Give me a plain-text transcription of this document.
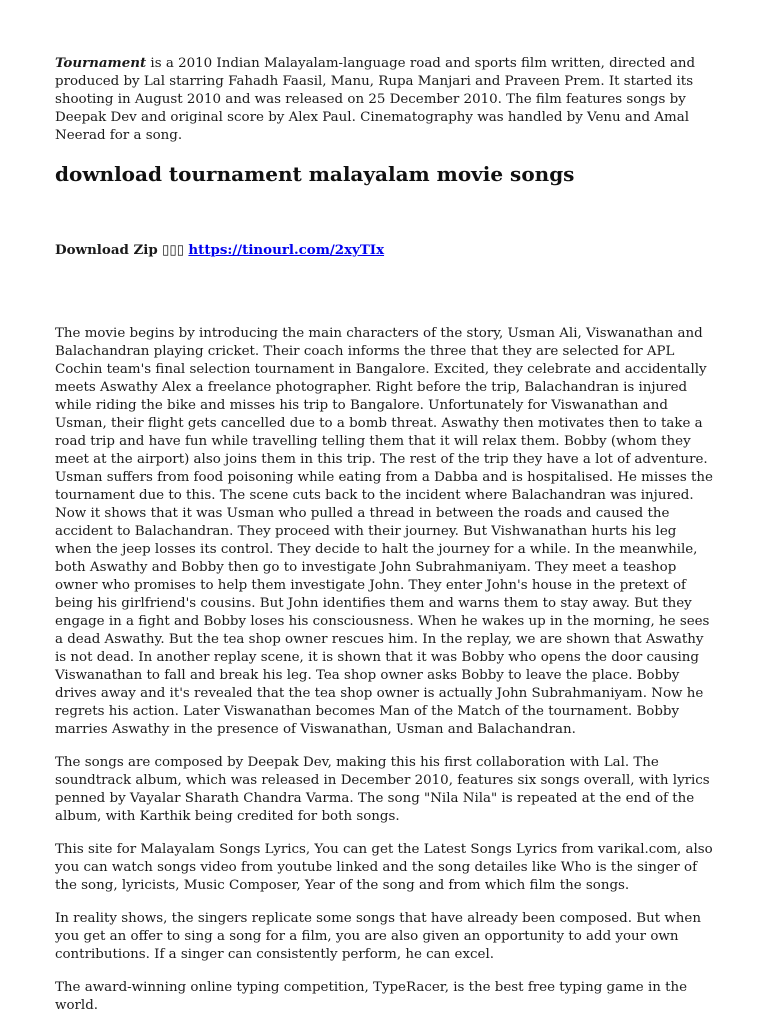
Tournament is a 2010 Indian Malayalam-language road and sports film written, directed and produced by Lal starring Fahadh Faasil, Manu, Rupa Manjari and Praveen Prem. It started its shooting in August 2010 and was released on 25 December 2010. The film features songs by Deepak Dev and original score by Alex Paul. Cinematography was handled by Venu and Amal Neerad for a song.

download tournament malayalam movie songs
Download Zip ▯▯▯ https://tinourl.com/2xyTIx

The movie begins by introducing the main characters of the story, Usman Ali, Viswanathan and Balachandran playing cricket. Their coach informs the three that they are selected for APL Cochin team's final selection tournament in Bangalore. Excited, they celebrate and accidentally meets Aswathy Alex a freelance photographer. Right before the trip, Balachandran is injured while riding the bike and misses his trip to Bangalore. Unfortunately for Viswanathan and Usman, their flight gets cancelled due to a bomb threat. Aswathy then motivates then to take a road trip and have fun while travelling telling them that it will relax them. Bobby (whom they meet at the airport) also joins them in this trip. The rest of the trip they have a lot of adventure. Usman suffers from food poisoning while eating from a Dabba and is hospitalised. He misses the tournament due to this. The scene cuts back to the incident where Balachandran was injured. Now it shows that it was Usman who pulled a thread in between the roads and caused the accident to Balachandran. They proceed with their journey. But Vishwanathan hurts his leg when the jeep losses its control. They decide to halt the journey for a while. In the meanwhile, both Aswathy and Bobby then go to investigate John Subrahmaniyam. They meet a teashop owner who promises to help them investigate John. They enter John's house in the pretext of being his girlfriend's cousins. But John identifies them and warns them to stay away. But they engage in a fight and Bobby loses his consciousness. When he wakes up in the morning, he sees a dead Aswathy. But the tea shop owner rescues him. In the replay, we are shown that Aswathy is not dead. In another replay scene, it is shown that it was Bobby who opens the door causing Viswanathan to fall and break his leg. Tea shop owner asks Bobby to leave the place. Bobby drives away and it's revealed that the tea shop owner is actually John Subrahmaniyam. Now he regrets his action. Later Viswanathan becomes Man of the Match of the tournament. Bobby marries Aswathy in the presence of Viswanathan, Usman and Balachandran.

The songs are composed by Deepak Dev, making this his first collaboration with Lal. The soundtrack album, which was released in December 2010, features six songs overall, with lyrics penned by Vayalar Sharath Chandra Varma. The song "Nila Nila" is repeated at the end of the album, with Karthik being credited for both songs.

This site for Malayalam Songs Lyrics, You can get the Latest Songs Lyrics from varikal.com, also you can watch songs video from youtube linked and the song detailes like Who is the singer of the song, lyricists, Music Composer, Year of the song and from which film the songs.

In reality shows, the singers replicate some songs that have already been composed. But when you get an offer to sing a song for a film, you are also given an opportunity to add your own contributions. If a singer can consistently perform, he can excel.

The award-winning online typing competition, TypeRacer, is the best free typing game in the world.
